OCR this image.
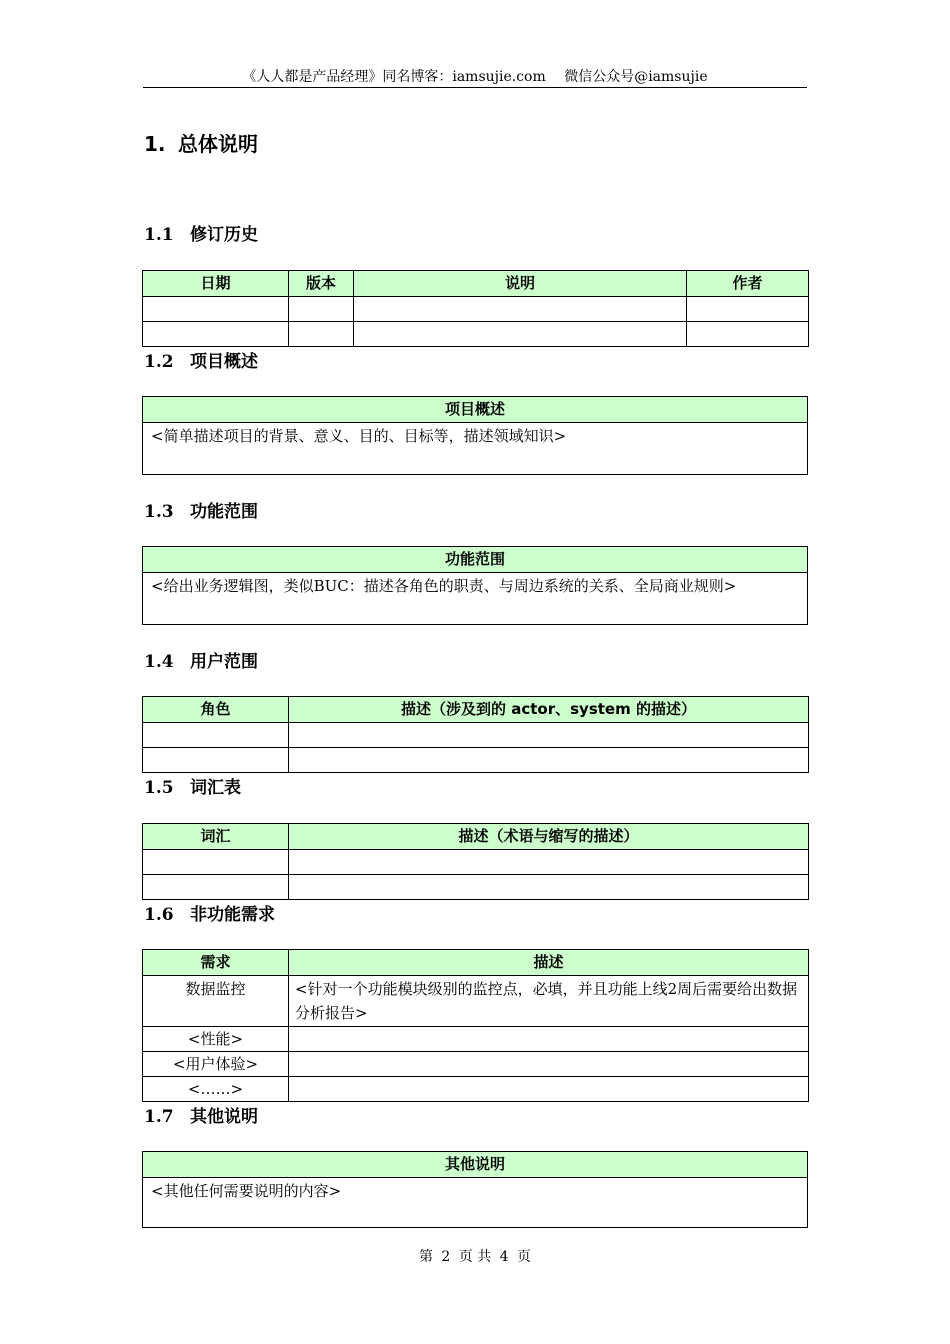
《人人都是产品经理》同名博客：iamsujie.com　 微信公众号@iamsujie
1. 总体说明
1.1 修订历史
日期	版本	说明	作者

1.2 项目概述
项目概述
<简单描述项目的背景、意义、目的、目标等，描述领域知识>
1.3 功能范围
功能范围
<给出业务逻辑图，类似BUC：描述各角色的职责、与周边系统的关系、全局商业规则>
1.4 用户范围
角色	描述（涉及到的 actor、system 的描述）

1.5 词汇表
词汇	描述（术语与缩写的描述）

1.6 非功能需求
需求	描述
数据监控	<针对一个功能模块级别的监控点，必填，并且功能上线2周后需要给出数据分析报告>
<性能>	
<用户体验>	
<……>	
1.7 其他说明
其他说明
<其他任何需要说明的内容>
第 2 页 共 4 页
